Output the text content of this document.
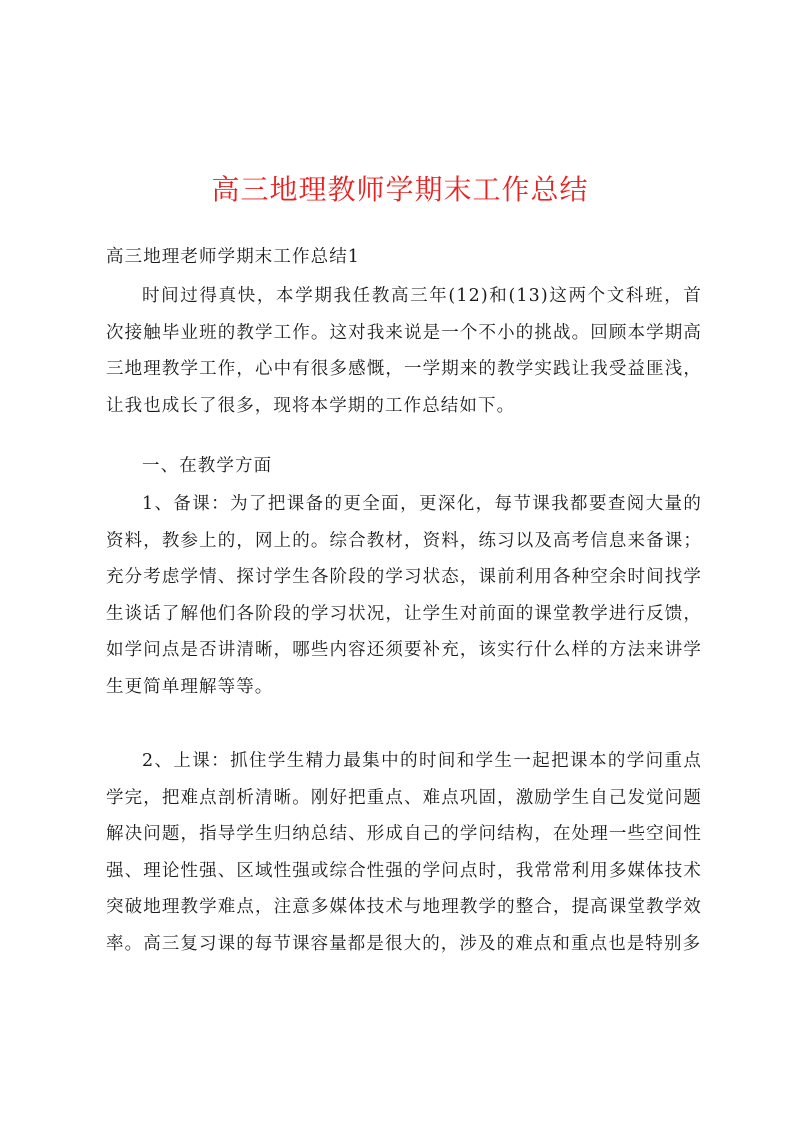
高三地理教师学期末工作总结

高三地理老师学期末工作总结1

时间过得真快，本学期我任教高三年(12)和(13)这两个文科班，首次接触毕业班的教学工作。这对我来说是一个不小的挑战。回顾本学期高三地理教学工作，心中有很多感慨，一学期来的教学实践让我受益匪浅，让我也成长了很多，现将本学期的工作总结如下。

一、在教学方面

1、备课：为了把课备的更全面，更深化，每节课我都要查阅大量的资料，教参上的，网上的。综合教材，资料，练习以及高考信息来备课；充分考虑学情、探讨学生各阶段的学习状态，课前利用各种空余时间找学生谈话了解他们各阶段的学习状况，让学生对前面的课堂教学进行反馈，如学问点是否讲清晰，哪些内容还须要补充，该实行什么样的方法来讲学生更简单理解等等。

2、上课：抓住学生精力最集中的时间和学生一起把课本的学问重点学完，把难点剖析清晰。刚好把重点、难点巩固，激励学生自己发觉问题解决问题，指导学生归纳总结、形成自己的学问结构，在处理一些空间性强、理论性强、区域性强或综合性强的学问点时，我常常利用多媒体技术突破地理教学难点，注意多媒体技术与地理教学的整合，提高课堂教学效率。高三复习课的每节课容量都是很大的，涉及的难点和重点也是特别多
